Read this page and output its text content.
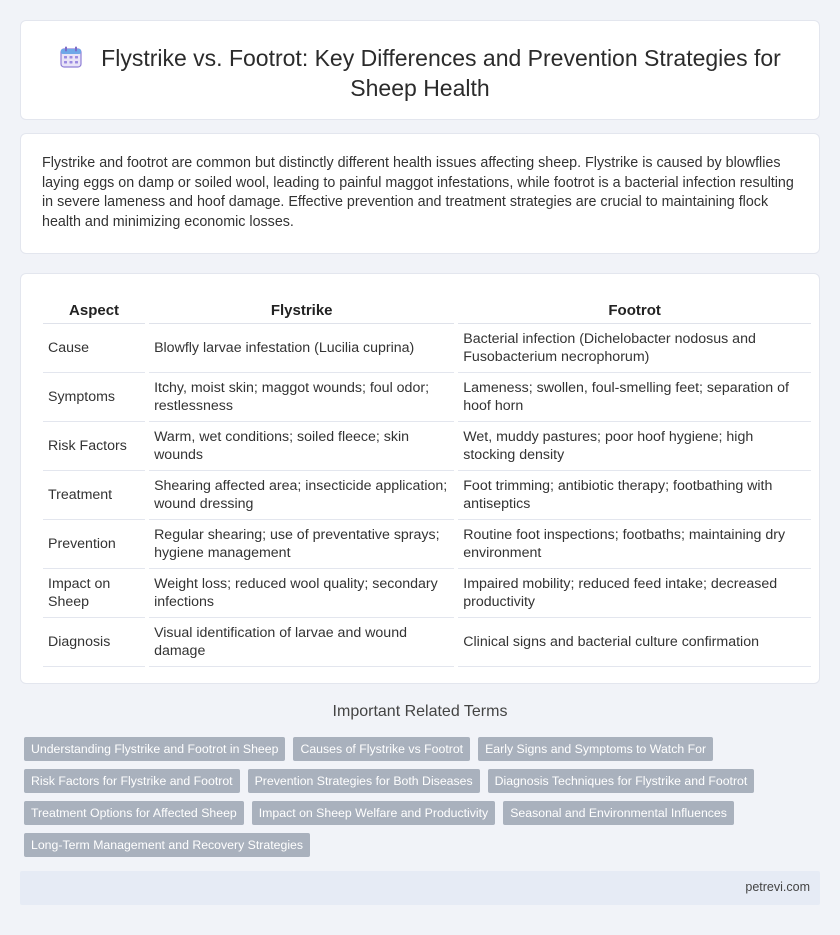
Flystrike vs. Footrot: Key Differences and Prevention Strategies for Sheep Health

Flystrike and footrot are common but distinctly different health issues affecting sheep. Flystrike is caused by blowflies laying eggs on damp or soiled wool, leading to painful maggot infestations, while footrot is a bacterial infection resulting in severe lameness and hoof damage. Effective prevention and treatment strategies are crucial to maintaining flock health and minimizing economic losses.

Aspect	Flystrike	Footrot
Cause	Blowfly larvae infestation (Lucilia cuprina)	Bacterial infection (Dichelobacter nodosus and Fusobacterium necrophorum)
Symptoms	Itchy, moist skin; maggot wounds; foul odor; restlessness	Lameness; swollen, foul-smelling feet; separation of hoof horn
Risk Factors	Warm, wet conditions; soiled fleece; skin wounds	Wet, muddy pastures; poor hoof hygiene; high stocking density
Treatment	Shearing affected area; insecticide application; wound dressing	Foot trimming; antibiotic therapy; footbathing with antiseptics
Prevention	Regular shearing; use of preventative sprays; hygiene management	Routine foot inspections; footbaths; maintaining dry environment
Impact on Sheep	Weight loss; reduced wool quality; secondary infections	Impaired mobility; reduced feed intake; decreased productivity
Diagnosis	Visual identification of larvae and wound damage	Clinical signs and bacterial culture confirmation
Important Related Terms
Understanding Flystrike and Footrot in Sheep	Causes of Flystrike vs Footrot	Early Signs and Symptoms to Watch For
Risk Factors for Flystrike and Footrot	Prevention Strategies for Both Diseases	Diagnosis Techniques for Flystrike and Footrot
Treatment Options for Affected Sheep	Impact on Sheep Welfare and Productivity	Seasonal and Environmental Influences
Long-Term Management and Recovery Strategies
petrevi.com
